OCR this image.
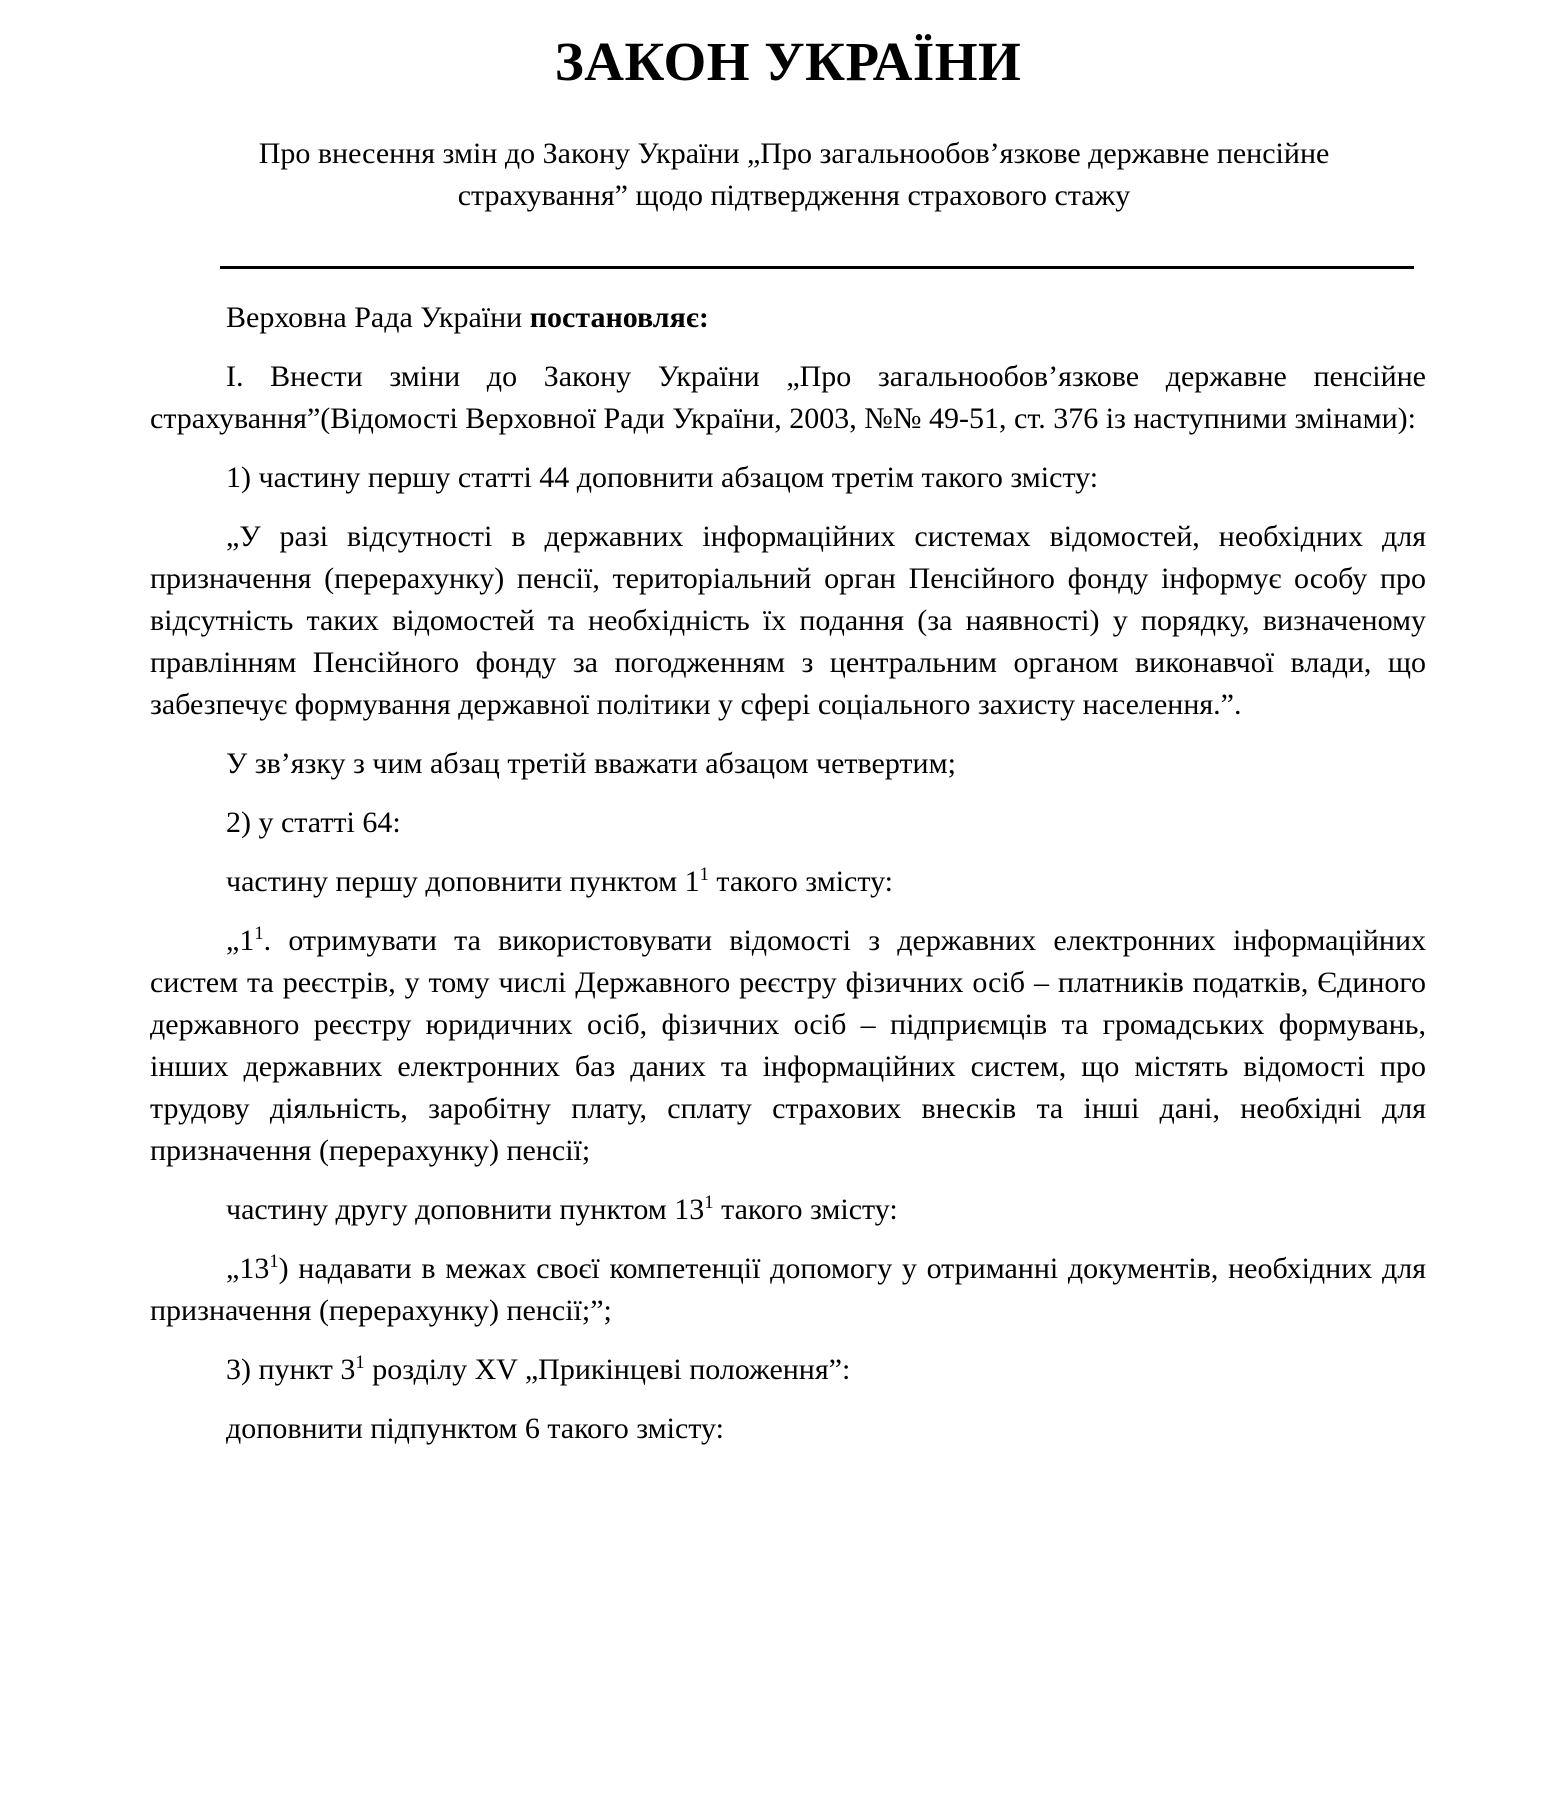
ЗАКОН УКРАЇНИ

Про внесення змін до Закону України „Про загальнообов’язкове державне пенсійне страхування” щодо підтвердження страхового стажу

Верховна Рада України постановляє:

I. Внести зміни до Закону України „Про загальнообов’язкове державне пенсійне страхування”(Відомості Верховної Ради України, 2003, №№ 49-51, ст. 376 із наступними змінами):

1) частину першу статті 44 доповнити абзацом третім такого змісту:

„У разі відсутності в державних інформаційних системах відомостей, необхідних для призначення (перерахунку) пенсії, територіальний орган Пенсійного фонду інформує особу про відсутність таких відомостей та необхідність їх подання (за наявності) у порядку, визначеному правлінням Пенсійного фонду за погодженням з центральним органом виконавчої влади, що забезпечує формування державної політики у сфері соціального захисту населення.”.

У зв’язку з чим абзац третій вважати абзацом четвертим;

2) у статті 64:

частину першу доповнити пунктом $1^1$ такого змісту:

$„1^1$. отримувати та використовувати відомості з державних електронних інформаційних систем та реєстрів, у тому числі Державного реєстру фізичних осіб – платників податків, Єдиного державного реєстру юридичних осіб, фізичних осіб – підприємців та громадських формувань, інших державних електронних баз даних та інформаційних систем, що містять відомості про трудову діяльність, заробітну плату, сплату страхових внесків та інші дані, необхідні для призначення (перерахунку) пенсії;

частину другу доповнити пунктом $13^1$ такого змісту:

$„13^1$) надавати в межах своєї компетенції допомогу у отриманні документів, необхідних для призначення (перерахунку) пенсії;”;

3) пункт $3^1$ розділу XV „Прикінцеві положення”:

доповнити підпунктом 6 такого змісту:
